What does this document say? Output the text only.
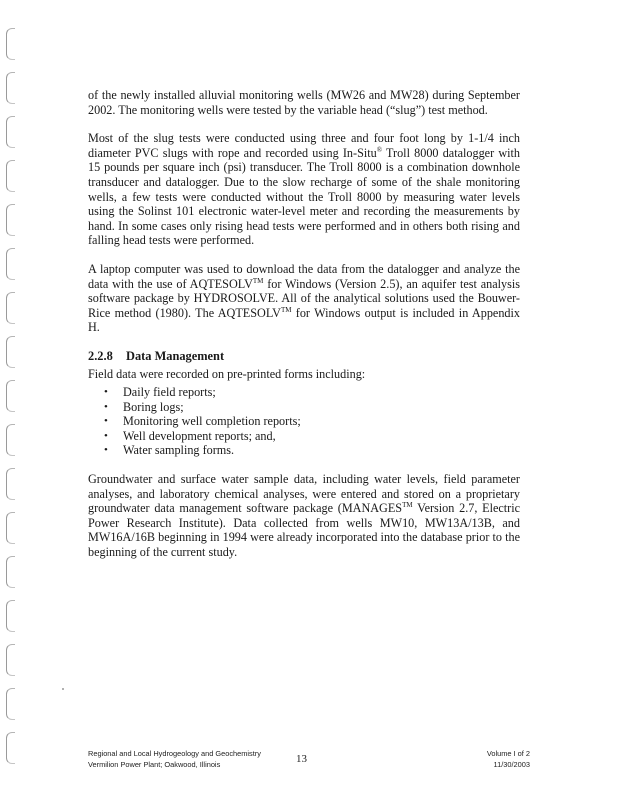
of the newly installed alluvial monitoring wells (MW26 and MW28) during September 2002. The monitoring wells were tested by the variable head (“slug”) test method.

Most of the slug tests were conducted using three and four foot long by 1-1/4 inch diameter PVC slugs with rope and recorded using In-Situ® Troll 8000 datalogger with 15 pounds per square inch (psi) transducer. The Troll 8000 is a combination downhole transducer and datalogger. Due to the slow recharge of some of the shale monitoring wells, a few tests were conducted without the Troll 8000 by measuring water levels using the Solinst 101 electronic water-level meter and recording the measurements by hand. In some cases only rising head tests were performed and in others both rising and falling head tests were performed.

A laptop computer was used to download the data from the datalogger and analyze the data with the use of AQTESOLV™ for Windows (Version 2.5), an aquifer test analysis software package by HYDROSOLVE. All of the analytical solutions used the Bouwer-Rice method (1980). The AQTESOLV™ for Windows output is included in Appendix H.

2.2.8 Data Management

Field data were recorded on pre-printed forms including:

• Daily field reports;
• Boring logs;
• Monitoring well completion reports;
• Well development reports; and,
• Water sampling forms.

Groundwater and surface water sample data, including water levels, field parameter analyses, and laboratory chemical analyses, were entered and stored on a proprietary groundwater data management software package (MANAGES™ Version 2.7, Electric Power Research Institute). Data collected from wells MW10, MW13A/13B, and MW16A/16B beginning in 1994 were already incorporated into the database prior to the beginning of the current study.

Regional and Local Hydrogeology and Geochemistry
Vermilion Power Plant; Oakwood, Illinois	13	Volume I of 2
11/30/2003
